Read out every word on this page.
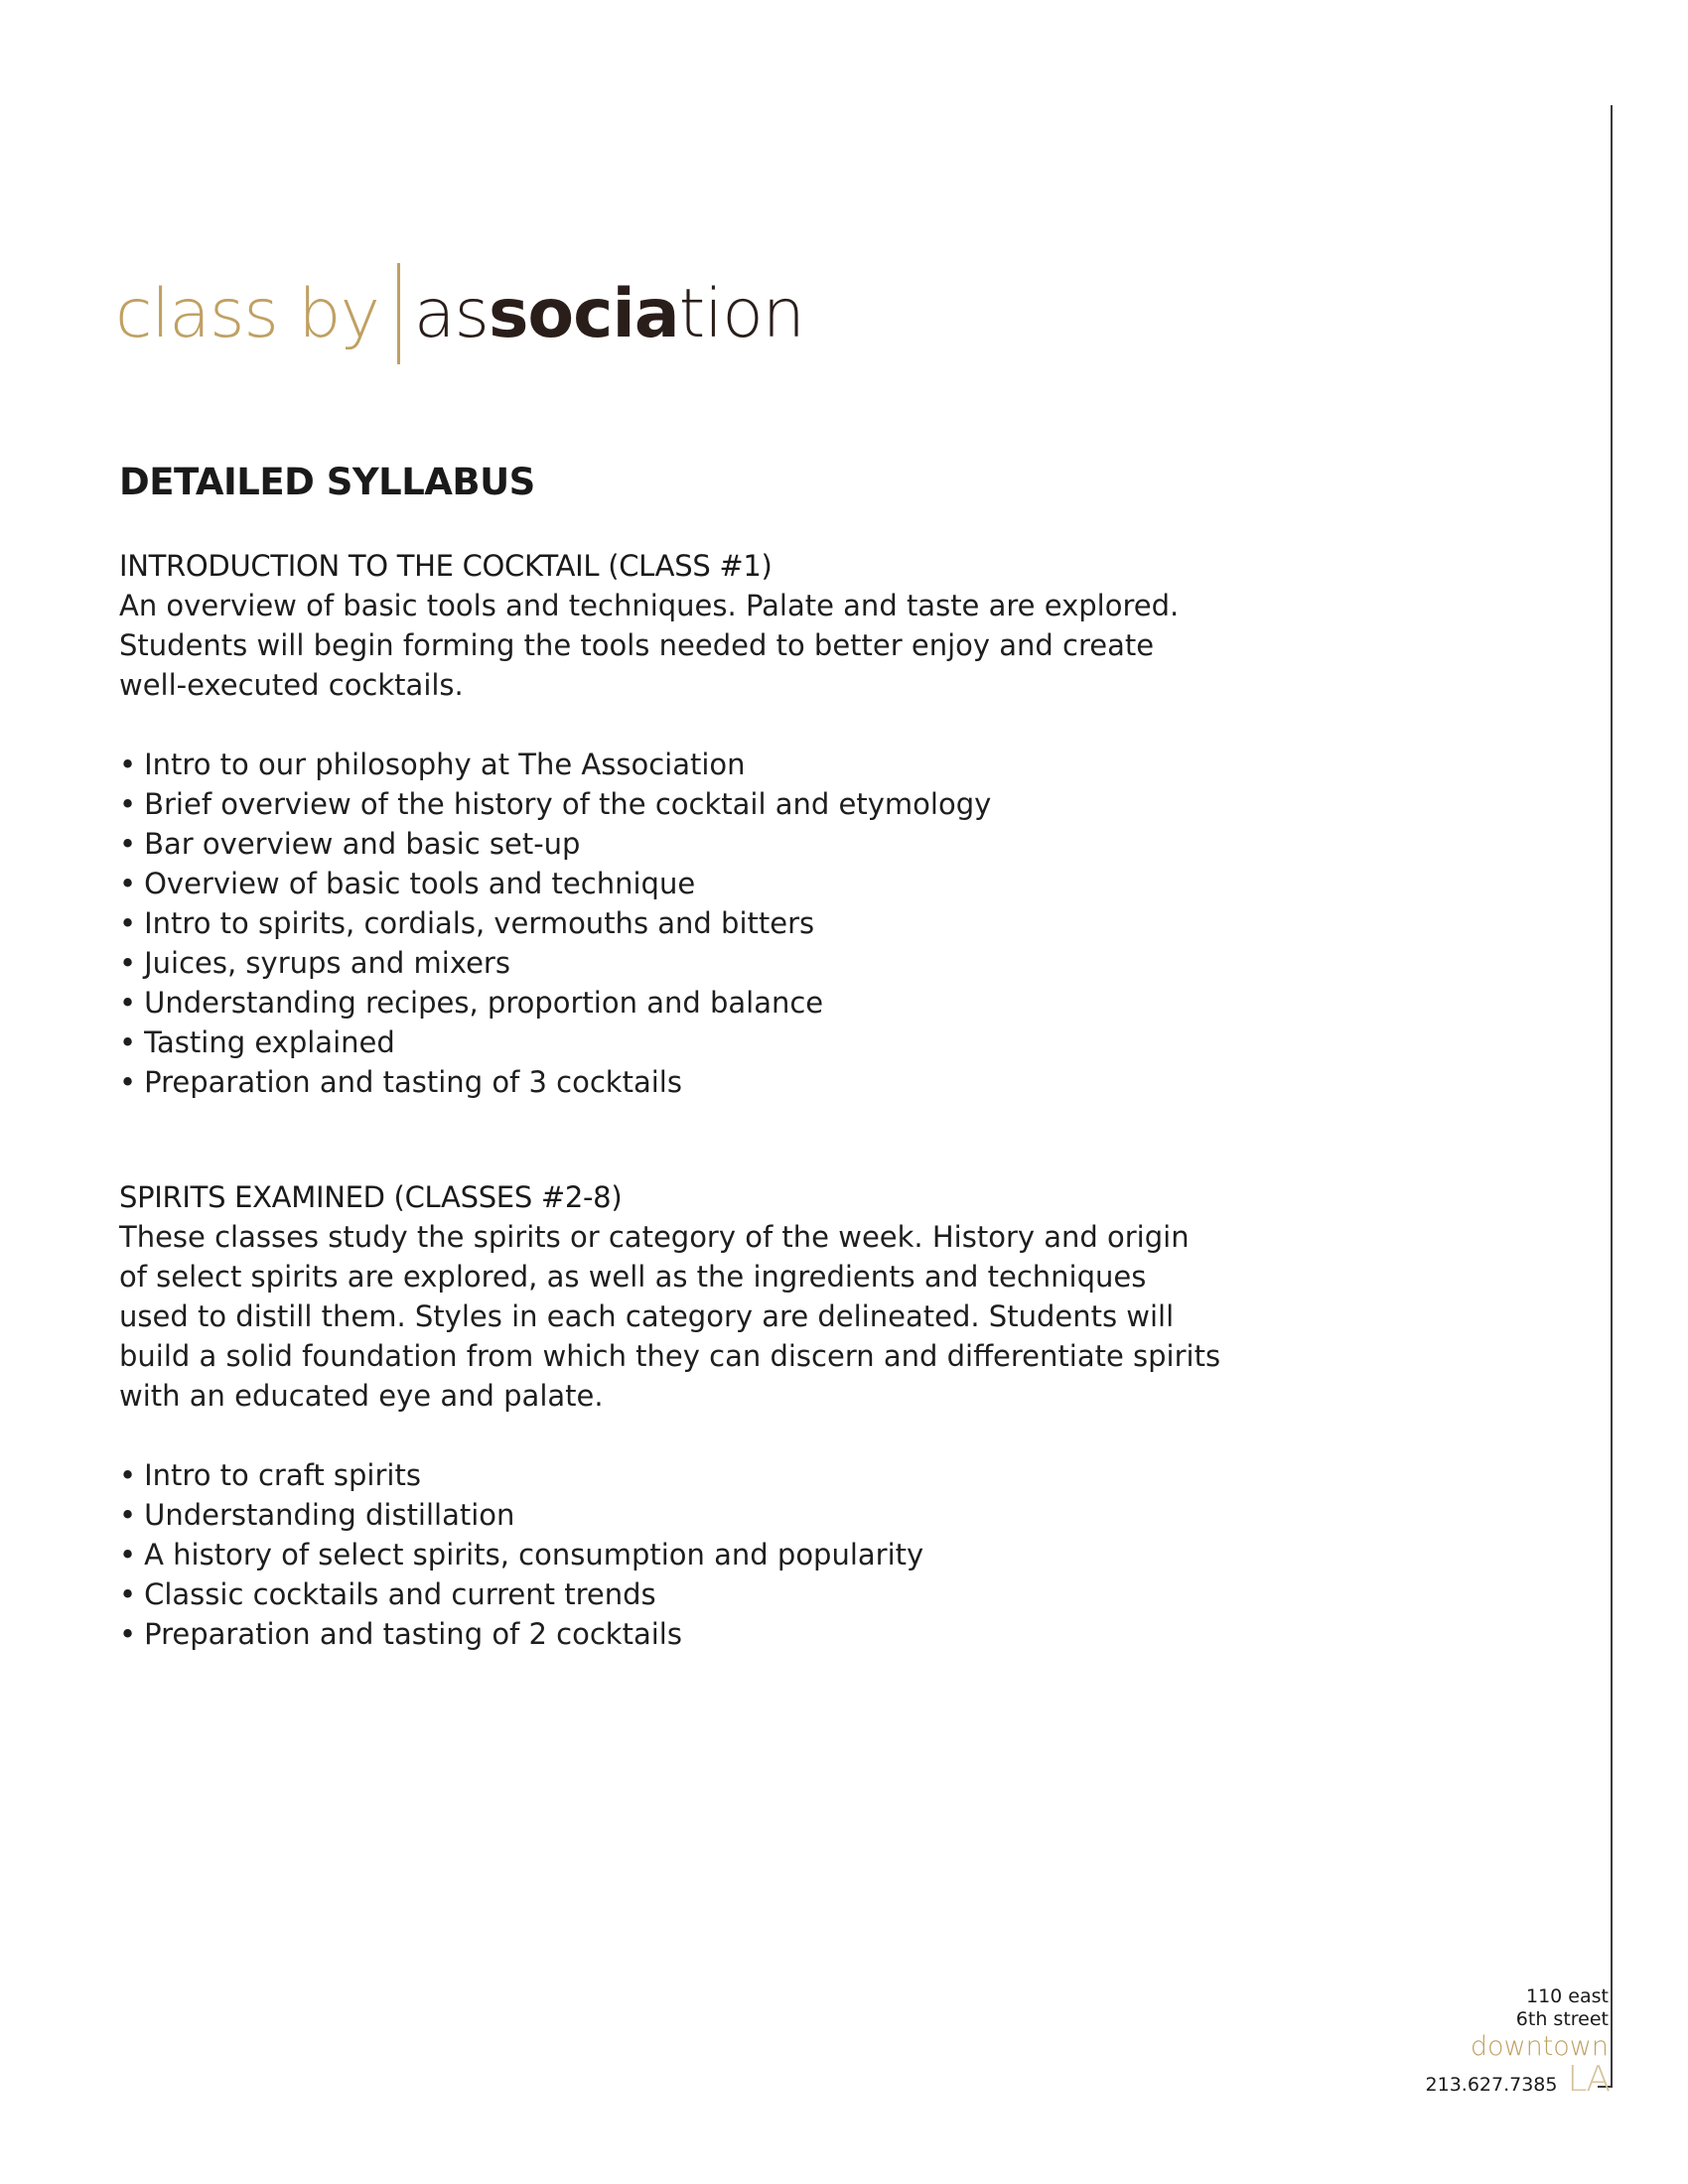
class by association
DETAILED SYLLABUS
INTRODUCTION TO THE COCKTAIL (CLASS #1)
An overview of basic tools and techniques. Palate and taste are explored.
Students will begin forming the tools needed to better enjoy and create
well-executed cocktails.
• Intro to our philosophy at The Association
• Brief overview of the history of the cocktail and etymology
• Bar overview and basic set-up
• Overview of basic tools and technique
• Intro to spirits, cordials, vermouths and bitters
• Juices, syrups and mixers
• Understanding recipes, proportion and balance
• Tasting explained
• Preparation and tasting of 3 cocktails
SPIRITS EXAMINED (CLASSES #2-8)
These classes study the spirits or category of the week. History and origin
of select spirits are explored, as well as the ingredients and techniques
used to distill them. Styles in each category are delineated. Students will
build a solid foundation from which they can discern and differentiate spirits
with an educated eye and palate.
• Intro to craft spirits
• Understanding distillation
• A history of select spirits, consumption and popularity
• Classic cocktails and current trends
• Preparation and tasting of 2 cocktails

110 east

6th street

downtown

213.627.7385 LA
